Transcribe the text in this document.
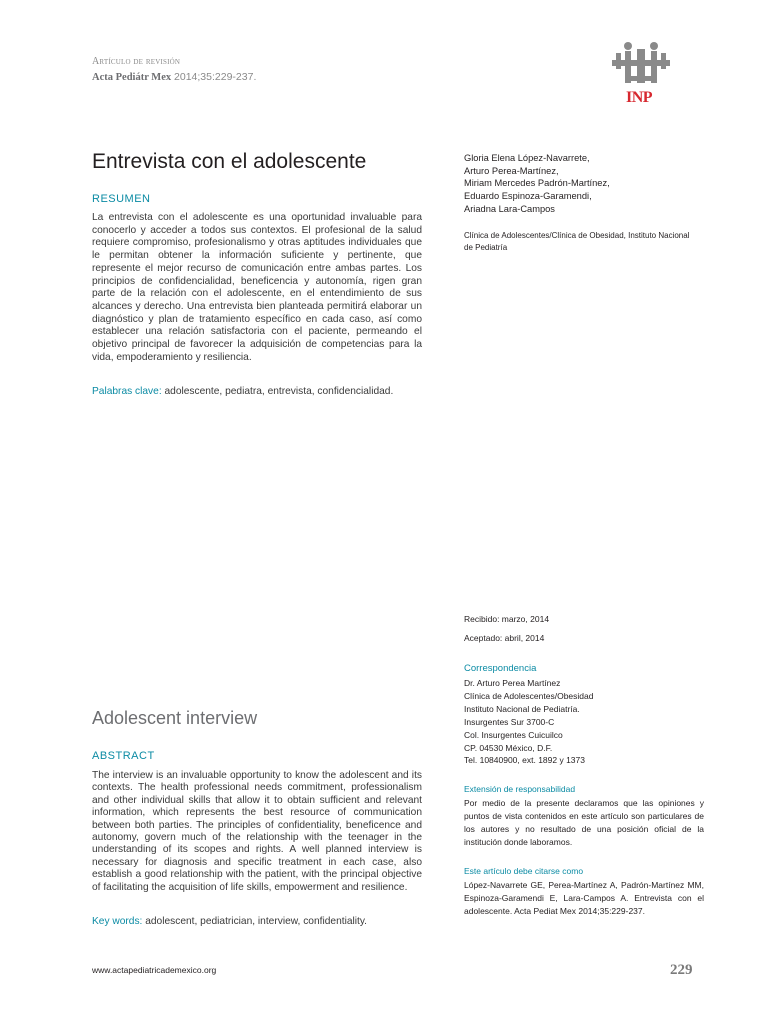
Artículo de revisión
Acta Pediátr Mex 2014;35:229-237.
INP
Entrevista con el adolescente
RESUMEN
La entrevista con el adolescente es una oportunidad invaluable para conocerlo y acceder a todos sus contextos. El profesional de la salud requiere compromiso, profesionalismo y otras aptitudes individuales que le permitan obtener la información suficiente y pertinente, que represente el mejor recurso de comunicación entre ambas partes. Los principios de confidencialidad, beneficencia y autonomía, rigen gran parte de la relación con el adolescente, en el entendimiento de sus alcances y derecho. Una entrevista bien planteada permitirá elaborar un diagnóstico y plan de tratamiento específico en cada caso, así como establecer una relación satisfactoria con el paciente, permeando el objetivo principal de favorecer la adquisición de competencias para la vida, empoderamiento y resiliencia.
Palabras clave: adolescente, pediatra, entrevista, confidencialidad.
Adolescent interview
ABSTRACT
The interview is an invaluable opportunity to know the adolescent and its contexts. The health professional needs commitment, professionalism and other individual skills that allow it to obtain sufficient and relevant information, which represents the best resource of communication between both parties. The principles of confidentiality, beneficence and autonomy, govern much of the relationship with the teenager in the understanding of its scopes and rights. A well planned interview is necessary for diagnosis and specific treatment in each case, also establish a good relationship with the patient, with the principal objective of facilitating the acquisition of life skills, empowerment and resilience.
Key words: adolescent, pediatrician, interview, confidentiality.
Gloria Elena López-Navarrete,
Arturo Perea-Martínez,
Miriam Mercedes Padrón-Martínez,
Eduardo Espinoza-Garamendi,
Ariadna Lara-Campos
Clínica de Adolescentes/Clínica de Obesidad, Instituto Nacional de Pediatría
Recibido: marzo, 2014
Aceptado: abril, 2014
Correspondencia
Dr. Arturo Perea Martínez
Clínica de Adolescentes/Obesidad
Instituto Nacional de Pediatría.
Insurgentes Sur 3700-C
Col. Insurgentes Cuicuilco
CP. 04530 México, D.F.
Tel. 10840900, ext. 1892 y 1373
Extensión de responsabilidad
Por medio de la presente declaramos que las opiniones y puntos de vista contenidos en este artículo son particulares de los autores y no resultado de una posición oficial de la institución donde laboramos.
Este artículo debe citarse como
López-Navarrete GE, Perea-Martínez A, Padrón-Martínez MM, Espinoza-Garamendi E, Lara-Campos A. Entrevista con el adolescente. Acta Pediat Mex 2014;35:229-237.
www.actapediatricademexico.org	229
